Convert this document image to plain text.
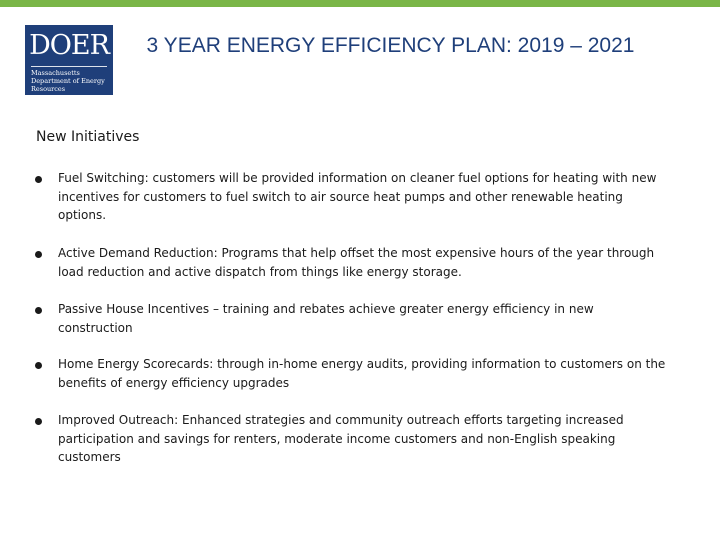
DOER
Massachusetts Department of Energy Resources
3 YEAR ENERGY EFFICIENCY PLAN: 2019 – 2021
New Initiatives
Fuel Switching: customers will be provided information on cleaner fuel options for heating with new incentives for customers to fuel switch to air source heat pumps and other renewable heating options.
Active Demand Reduction: Programs that help offset the most expensive hours of the year through load reduction and active dispatch from things like energy storage.
Passive House Incentives – training and rebates achieve greater energy efficiency in new construction
Home Energy Scorecards: through in-home energy audits, providing information to customers on the benefits of energy efficiency upgrades
Improved Outreach: Enhanced strategies and community outreach efforts targeting increased participation and savings for renters, moderate income customers and non-English speaking customers
